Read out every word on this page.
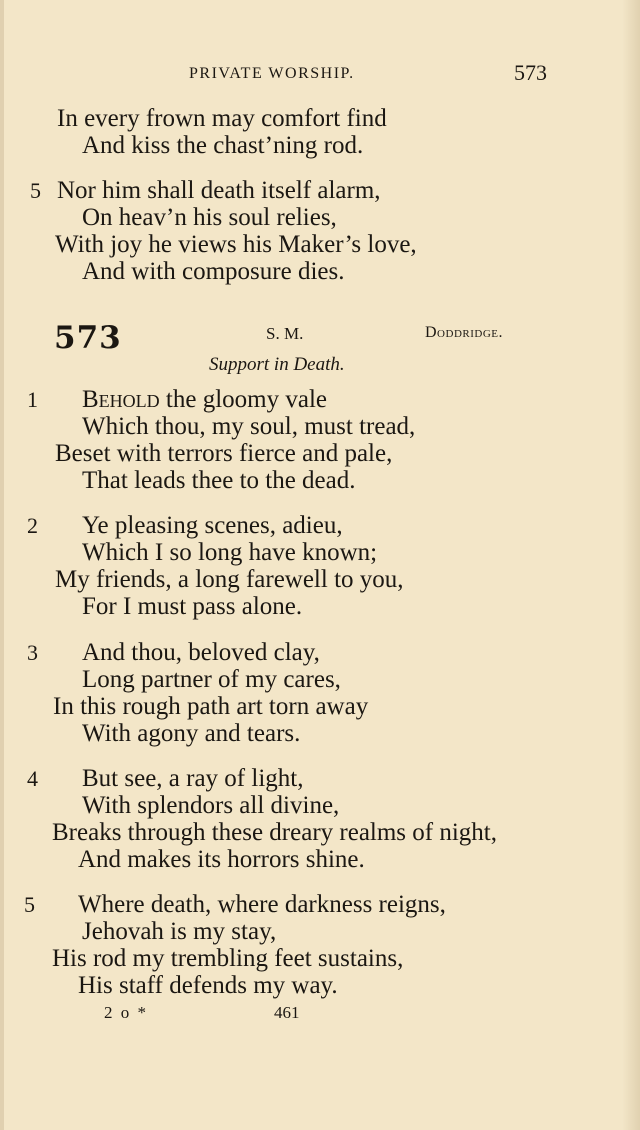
PRIVATE WORSHIP.	573
In every frown may comfort find
And kiss the chast’ning rod.
5 Nor him shall death itself alarm,
On heav’n his soul relies,
With joy he views his Maker’s love,
And with composure dies.
573	S. M.	Doddridge.
Support in Death.
1 Behold the gloomy vale
Which thou, my soul, must tread,
Beset with terrors fierce and pale,
That leads thee to the dead.
2 Ye pleasing scenes, adieu,
Which I so long have known;
My friends, a long farewell to you,
For I must pass alone.
3 And thou, beloved clay,
Long partner of my cares,
In this rough path art torn away
With agony and tears.
4 But see, a ray of light,
With splendors all divine,
Breaks through these dreary realms of night,
And makes its horrors shine.
5 Where death, where darkness reigns,
Jehovah is my stay,
His rod my trembling feet sustains,
His staff defends my way.
2 o *	461
